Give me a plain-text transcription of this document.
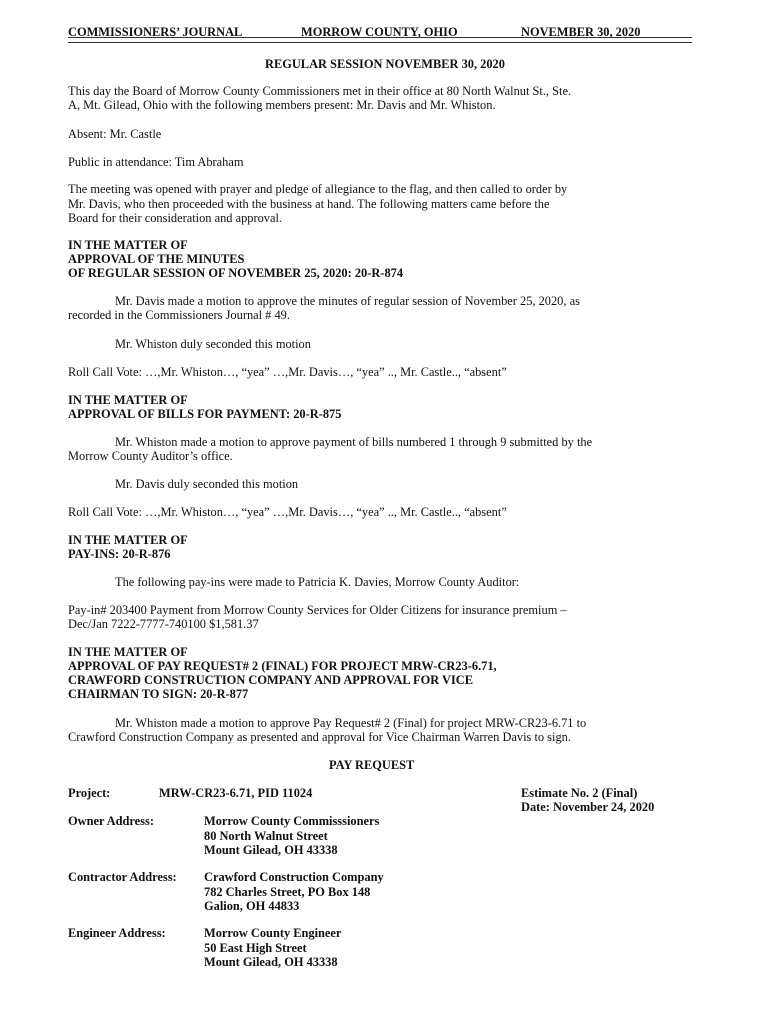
COMMISSIONERS’ JOURNAL	MORROW COUNTY, OHIO	NOVEMBER 30, 2020
REGULAR SESSION NOVEMBER 30, 2020
This day the Board of Morrow County Commissioners met in their office at 80 North Walnut St., Ste.
A, Mt. Gilead, Ohio with the following members present: Mr. Davis and Mr. Whiston.
Absent: Mr. Castle
Public in attendance: Tim Abraham
The meeting was opened with prayer and pledge of allegiance to the flag, and then called to order by
Mr. Davis, who then proceeded with the business at hand. The following matters came before the
Board for their consideration and approval.
IN THE MATTER OF
APPROVAL OF THE MINUTES
OF REGULAR SESSION OF NOVEMBER 25, 2020: 20-R-874
Mr. Davis made a motion to approve the minutes of regular session of November 25, 2020, as
recorded in the Commissioners Journal # 49.
Mr. Whiston duly seconded this motion
Roll Call Vote: …,Mr. Whiston…, “yea” …,Mr. Davis…, “yea” .., Mr. Castle.., “absent”
IN THE MATTER OF
APPROVAL OF BILLS FOR PAYMENT: 20-R-875
Mr. Whiston made a motion to approve payment of bills numbered 1 through 9 submitted by the
Morrow County Auditor’s office.
Mr. Davis duly seconded this motion
Roll Call Vote: …,Mr. Whiston…, “yea” …,Mr. Davis…, “yea” .., Mr. Castle.., “absent”
IN THE MATTER OF
PAY-INS: 20-R-876
The following pay-ins were made to Patricia K. Davies, Morrow County Auditor:
Pay-in# 203400 Payment from Morrow County Services for Older Citizens for insurance premium –
Dec/Jan 7222-7777-740100 $1,581.37
IN THE MATTER OF
APPROVAL OF PAY REQUEST# 2 (FINAL) FOR PROJECT MRW-CR23-6.71,
CRAWFORD CONSTRUCTION COMPANY AND APPROVAL FOR VICE
CHAIRMAN TO SIGN: 20-R-877
Mr. Whiston made a motion to approve Pay Request# 2 (Final) for project MRW-CR23-6.71 to
Crawford Construction Company as presented and approval for Vice Chairman Warren Davis to sign.
PAY REQUEST
Project:	MRW-CR23-6.71, PID 11024	Estimate No. 2 (Final)
Date: November 24, 2020
Owner Address:	Morrow County Commisssioners
80 North Walnut Street
Mount Gilead, OH 43338
Contractor Address: Crawford Construction Company
782 Charles Street, PO Box 148
Galion, OH 44833
Engineer Address:	Morrow County Engineer
50 East High Street
Mount Gilead, OH 43338
